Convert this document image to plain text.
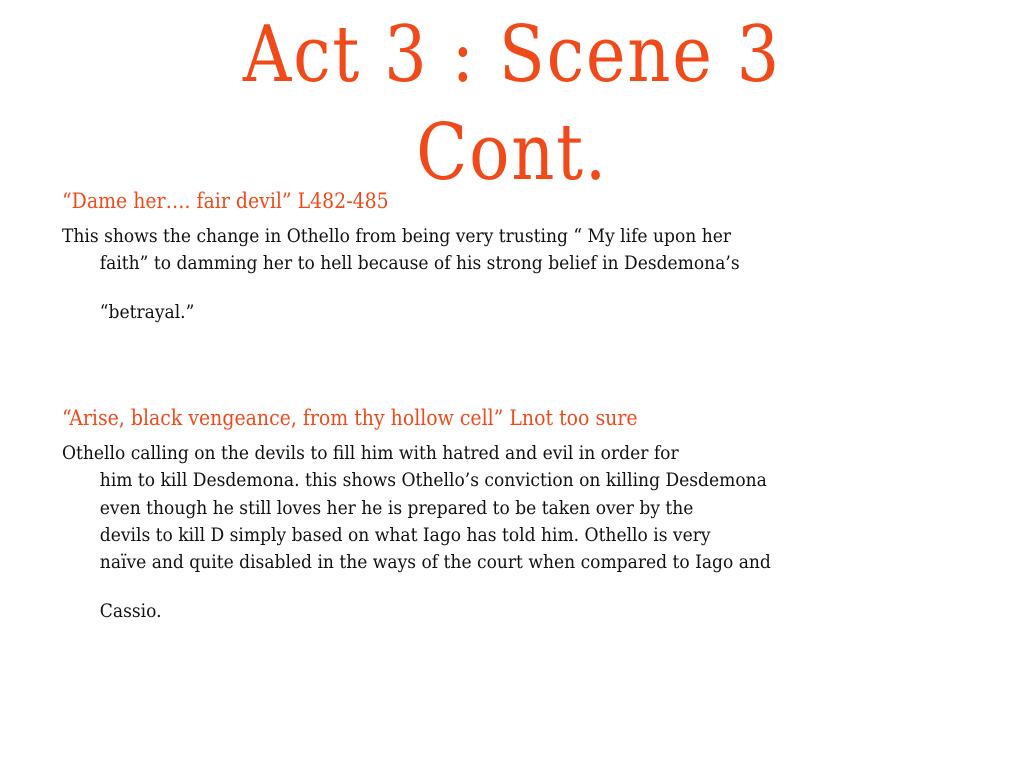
Act 3 : Scene 3
Cont.
“Dame her…. fair devil” L482-485
This shows the change in Othello from being very trusting “ My life upon her
faith” to damming her to hell because of his strong belief in Desdemona’s
“betrayal.”
“Arise, black vengeance, from thy hollow cell” Lnot too sure
Othello calling on the devils to fill him with hatred and evil in order for
him to kill Desdemona. this shows Othello’s conviction on killing Desdemona
even though he still loves her he is prepared to be taken over by the
devils to kill D simply based on what Iago has told him. Othello is very
naïve and quite disabled in the ways of the court when compared to Iago and
Cassio.
